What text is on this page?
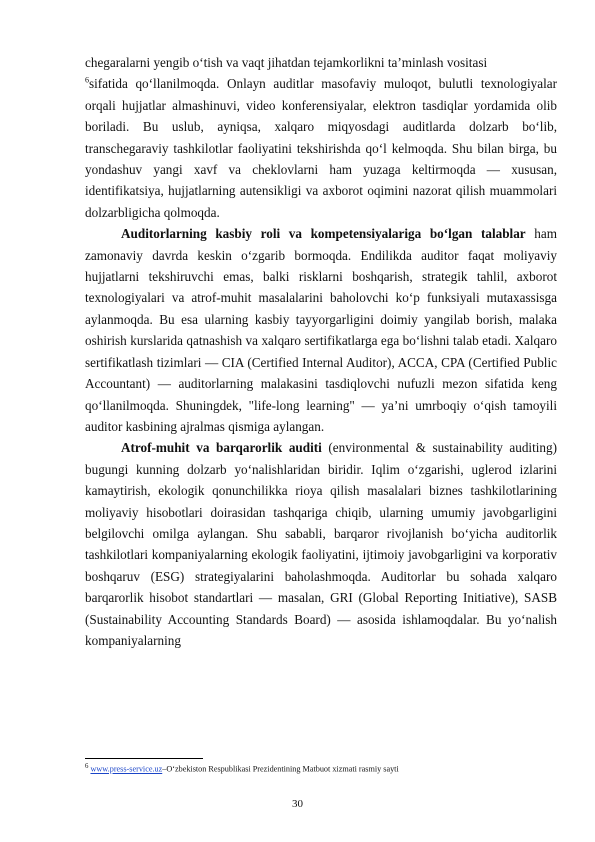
chegaralarni yengib o‘tish va vaqt jihatdan tejamkorlikni ta’minlash vositasi
$^6$sifatida qo‘llanilmoqda. Onlayn auditlar masofaviy muloqot, bulutli texnologiyalar orqali hujjatlar almashinuvi, video konferensiyalar, elektron tasdiqlar yordamida olib boriladi. Bu uslub, ayniqsa, xalqaro miqyosdagi auditlarda dolzarb bo‘lib, transchegaraviy tashkilotlar faoliyatini tekshirishda qo‘l kelmoqda. Shu bilan birga, bu yondashuv yangi xavf va cheklovlarni ham yuzaga keltirmoqda — xususan, identifikatsiya, hujjatlarning autensikligi va axborot oqimini nazorat qilish muammolari dolzarbligicha qolmoqda.

Auditorlarning kasbiy roli va kompetensiyalariga bo‘lgan talablar ham zamonaviy davrda keskin o‘zgarib bormoqda. Endilikda auditor faqat moliyaviy hujjatlarni tekshiruvchi emas, balki risklarni boshqarish, strategik tahlil, axborot texnologiyalari va atrof-muhit masalalarini baholovchi ko‘p funksiyali mutaxassisga aylanmoqda. Bu esa ularning kasbiy tayyorgarligini doimiy yangilab borish, malaka oshirish kurslarida qatnashish va xalqaro sertifikatlarga ega bo‘lishni talab etadi. Xalqaro sertifikatlash tizimlari — CIA (Certified Internal Auditor), ACCA, CPA (Certified Public Accountant) — auditorlarning malakasini tasdiqlovchi nufuzli mezon sifatida keng qo‘llanilmoqda. Shuningdek, "life-long learning" — ya’ni umrboqiy o‘qish tamoyili auditor kasbining ajralmas qismiga aylangan.

Atrof-muhit va barqarorlik auditi (environmental & sustainability auditing) bugungi kunning dolzarb yo‘nalishlaridan biridir. Iqlim o‘zgarishi, uglerod izlarini kamaytirish, ekologik qonunchilikka rioya qilish masalalari biznes tashkilotlarining moliyaviy hisobotlari doirasidan tashqariga chiqib, ularning umumiy javobgarligini belgilovchi omilga aylangan. Shu sababli, barqaror rivojlanish bo‘yicha auditorlik tashkilotlari kompaniyalarning ekologik faoliyatini, ijtimoiy javobgarligini va korporativ boshqaruv (ESG) strategiyalarini baholashmoqda. Auditorlar bu sohada xalqaro barqarorlik hisobot standartlari — masalan, GRI (Global Reporting Initiative), SASB (Sustainability Accounting Standards Board) — asosida ishlamoqdalar. Bu yo‘nalish kompaniyalarning

$^6$ www.press-service.uz–O‘zbekiston Respublikasi Prezidentining Matbuot xizmati rasmiy sayti
30
